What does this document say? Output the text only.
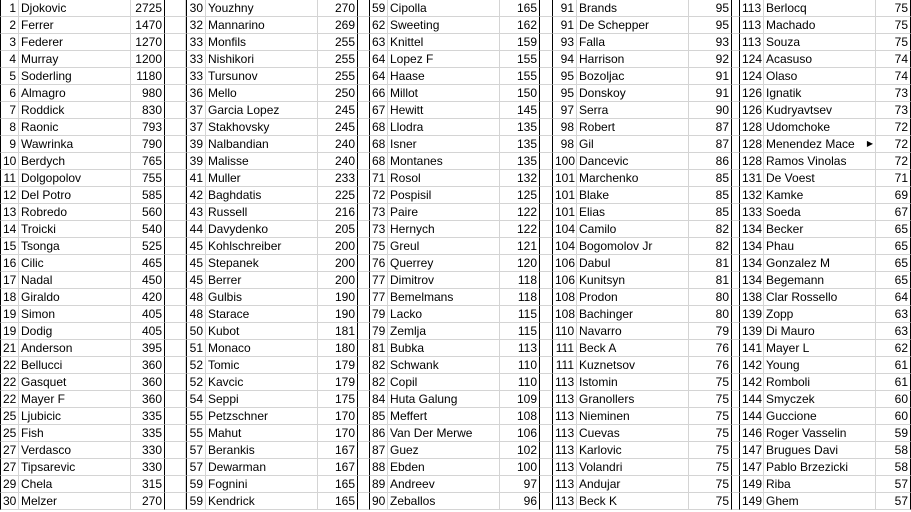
1 Djokovic	2725
2 Ferrer	1470
3 Federer	1270
4 Murray	1200
5 Soderling	1180
6 Almagro	980
7 Roddick	830
8 Raonic	793
9 Wawrinka	790
10 Berdych	765
11 Dolgopolov	755
12 Del Potro	585
13 Robredo	560
14 Troicki	540
15 Tsonga	525
16 Cilic	465
17 Nadal	450
18 Giraldo	420
19 Simon	405
19 Dodig	405
21 Anderson	395
22 Bellucci	360
22 Gasquet	360
22 Mayer F	360
25 Ljubicic	335
25 Fish	335
27 Verdasco	330
27 Tipsarevic	330
29 Chela	315
30 Melzer	270
30 Youzhny	270
32 Mannarino	269
33 Monfils	255
33 Nishikori	255
33 Tursunov	255
36 Mello	250
37 Garcia Lopez	245
37 Stakhovsky	245
39 Nalbandian	240
39 Malisse	240
41 Muller	233
42 Baghdatis	225
43 Russell	216
44 Davydenko	205
45 Kohlschreiber	200
45 Stepanek	200
45 Berrer	200
48 Gulbis	190
48 Starace	190
50 Kubot	181
51 Monaco	180
52 Tomic	179
52 Kavcic	179
54 Seppi	175
55 Petzschner	170
55 Mahut	170
57 Berankis	167
57 Dewarman	167
59 Fognini	165
59 Kendrick	165
59 Cipolla	165
62 Sweeting	162
63 Knittel	159
64 Lopez F	155
64 Haase	155
66 Millot	150
67 Hewitt	145
68 Llodra	135
68 Isner	135
68 Montanes	135
71 Rosol	132
72 Pospisil	125
73 Paire	122
73 Hernych	122
75 Greul	121
76 Querrey	120
77 Dimitrov	118
77 Bemelmans	118
79 Lacko	115
79 Zemlja	115
81 Bubka	113
82 Schwank	110
82 Copil	110
84 Huta Galung	109
85 Meffert	108
86 Van Der Merwe	106
87 Guez	102
88 Ebden	100
89 Andreev	97
90 Zeballos	96
91 Brands	95
91 De Schepper	95
93 Falla	93
94 Harrison	92
95 Bozoljac	91
95 Donskoy	91
97 Serra	90
98 Robert	87
98 Gil	87
100 Dancevic	86
101 Marchenko	85
101 Blake	85
101 Elias	85
104 Camilo	82
104 Bogomolov Jr	82
106 Dabul	81
106 Kunitsyn	81
108 Prodon	80
108 Bachinger	80
110 Navarro	79
111 Beck A	76
111 Kuznetsov	76
113 Istomin	75
113 Granollers	75
113 Nieminen	75
113 Cuevas	75
113 Karlovic	75
113 Volandri	75
113 Andujar	75
113 Beck K	75
113 Berlocq	75
113 Machado	75
113 Souza	75
124 Acasuso	74
124 Olaso	74
126 Ignatik	73
126 Kudryavtsev	73
128 Udomchoke	72
128 Menendez Mace ▶	72
128 Ramos Vinolas	72
131 De Voest	71
132 Kamke	69
133 Soeda	67
134 Becker	65
134 Phau	65
134 Gonzalez M	65
134 Begemann	65
138 Clar Rossello	64
139 Zopp	63
139 Di Mauro	63
141 Mayer L	62
142 Young	61
142 Romboli	61
144 Smyczek	60
144 Guccione	60
146 Roger Vasselin	59
147 Brugues Davi	58
147 Pablo Brzezicki	58
149 Riba	57
149 Ghem	57
